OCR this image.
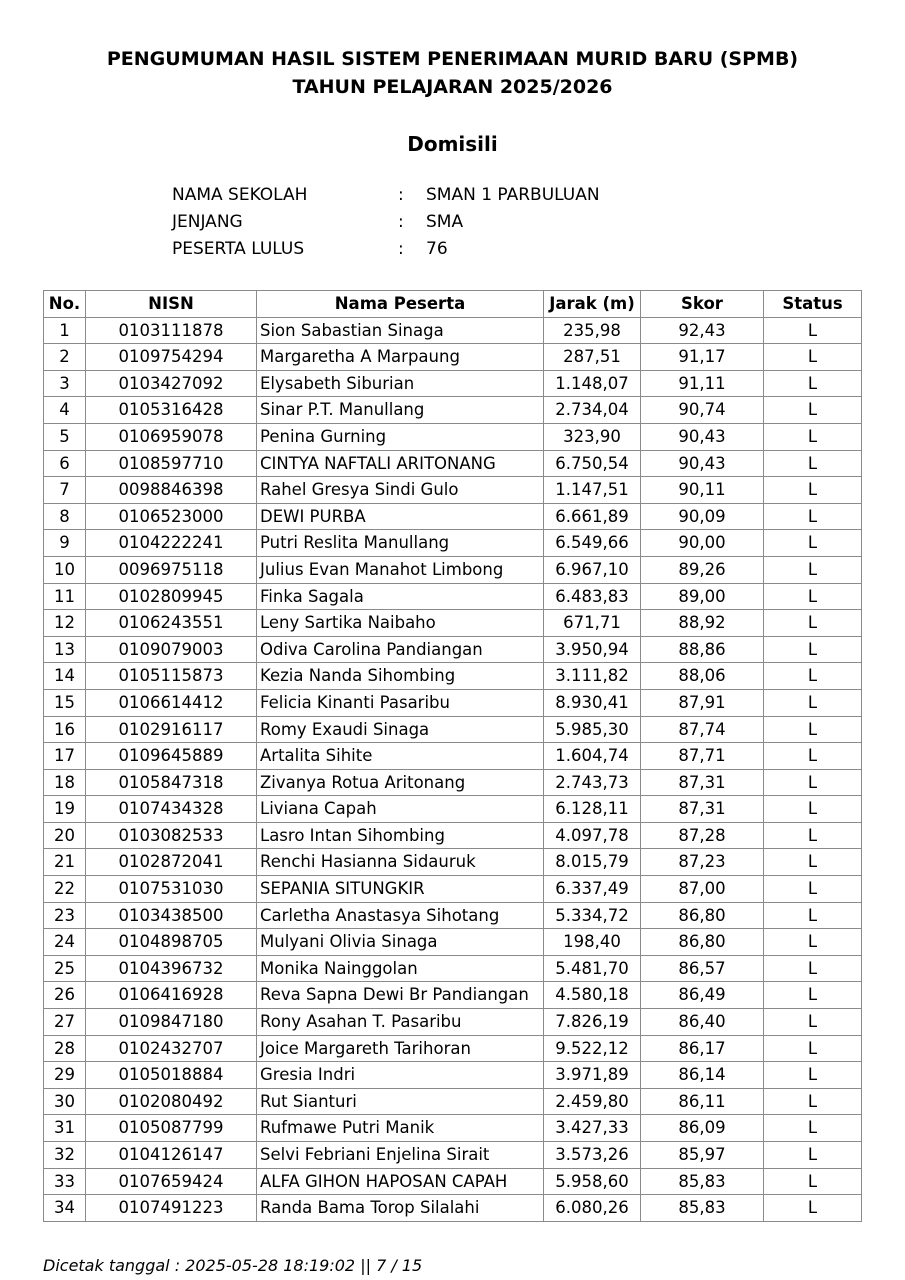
PENGUMUMAN HASIL SISTEM PENERIMAAN MURID BARU (SPMB)
TAHUN PELAJARAN 2025/2026
Domisili
NAMA SEKOLAH	: SMAN 1 PARBULUAN
JENJANG	: SMA
PESERTA LULUS	: 76
No.	NISN	Nama Peserta	Jarak (m)	Skor	Status
1	0103111878	Sion Sabastian Sinaga	235,98	92,43	L
2	0109754294	Margaretha A Marpaung	287,51	91,17	L
3	0103427092	Elysabeth Siburian	1.148,07	91,11	L
4	0105316428	Sinar P.T. Manullang	2.734,04	90,74	L
5	0106959078	Penina Gurning	323,90	90,43	L
6	0108597710	CINTYA NAFTALI ARITONANG	6.750,54	90,43	L
7	0098846398	Rahel Gresya Sindi Gulo	1.147,51	90,11	L
8	0106523000	DEWI PURBA	6.661,89	90,09	L
9	0104222241	Putri Reslita Manullang	6.549,66	90,00	L
10	0096975118	Julius Evan Manahot Limbong	6.967,10	89,26	L
11	0102809945	Finka Sagala	6.483,83	89,00	L
12	0106243551	Leny Sartika Naibaho	671,71	88,92	L
13	0109079003	Odiva Carolina Pandiangan	3.950,94	88,86	L
14	0105115873	Kezia Nanda Sihombing	3.111,82	88,06	L
15	0106614412	Felicia Kinanti Pasaribu	8.930,41	87,91	L
16	0102916117	Romy Exaudi Sinaga	5.985,30	87,74	L
17	0109645889	Artalita Sihite	1.604,74	87,71	L
18	0105847318	Zivanya Rotua Aritonang	2.743,73	87,31	L
19	0107434328	Liviana Capah	6.128,11	87,31	L
20	0103082533	Lasro Intan Sihombing	4.097,78	87,28	L
21	0102872041	Renchi Hasianna Sidauruk	8.015,79	87,23	L
22	0107531030	SEPANIA SITUNGKIR	6.337,49	87,00	L
23	0103438500	Carletha Anastasya Sihotang	5.334,72	86,80	L
24	0104898705	Mulyani Olivia Sinaga	198,40	86,80	L
25	0104396732	Monika Nainggolan	5.481,70	86,57	L
26	0106416928	Reva Sapna Dewi Br Pandiangan	4.580,18	86,49	L
27	0109847180	Rony Asahan T. Pasaribu	7.826,19	86,40	L
28	0102432707	Joice Margareth Tarihoran	9.522,12	86,17	L
29	0105018884	Gresia Indri	3.971,89	86,14	L
30	0102080492	Rut Sianturi	2.459,80	86,11	L
31	0105087799	Rufmawe Putri Manik	3.427,33	86,09	L
32	0104126147	Selvi Febriani Enjelina Sirait	3.573,26	85,97	L
33	0107659424	ALFA GIHON HAPOSAN CAPAH	5.958,60	85,83	L
34	0107491223	Randa Bama Torop Silalahi	6.080,26	85,83	L
Dicetak tanggal : 2025-05-28 18:19:02 || 7 / 15
